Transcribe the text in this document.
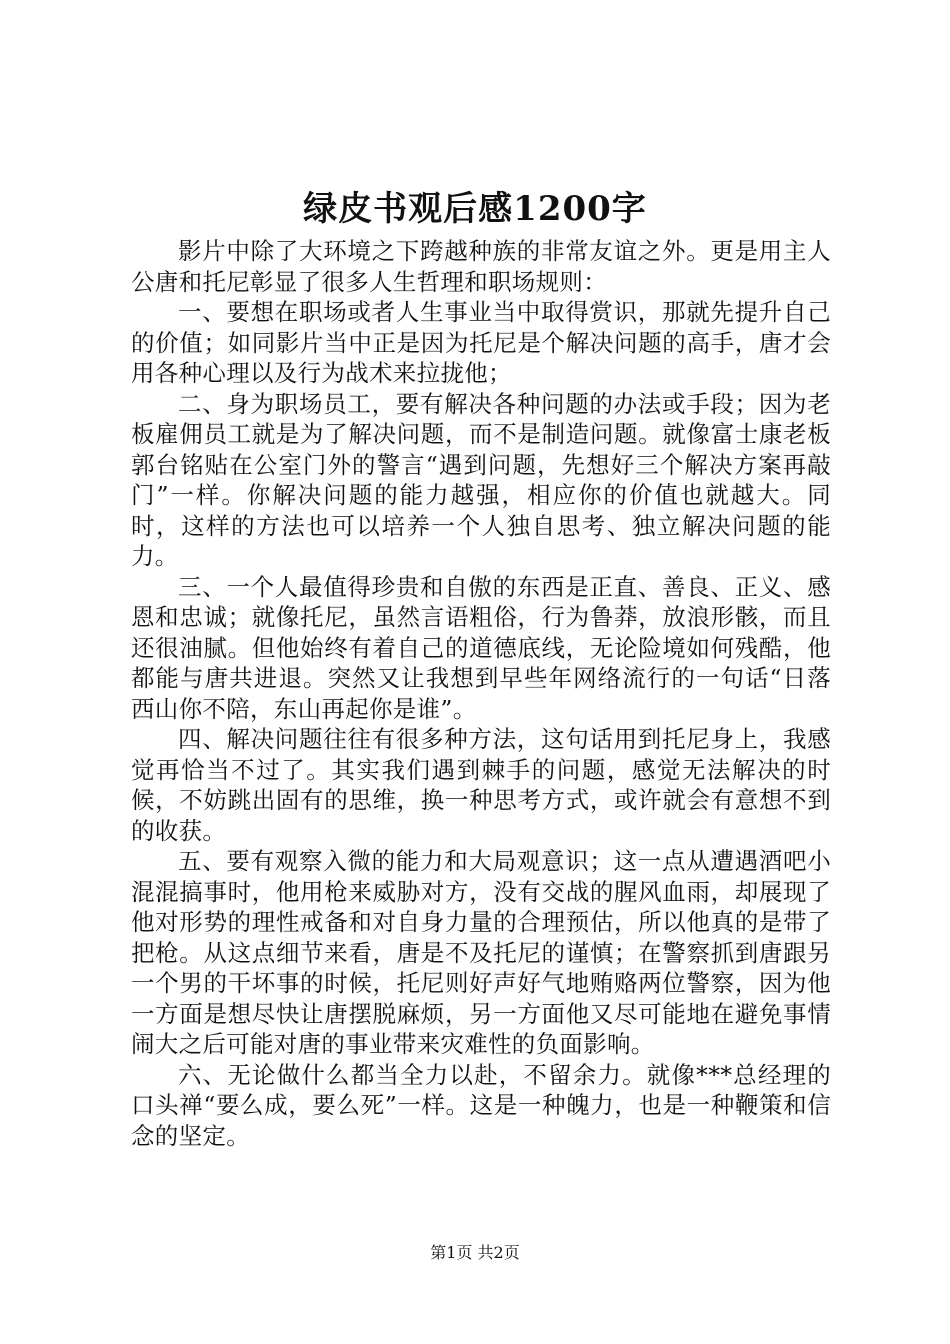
绿皮书观后感1200字

影片中除了大环境之下跨越种族的非常友谊之外。更是用主人公唐和托尼彰显了很多人生哲理和职场规则：

一、要想在职场或者人生事业当中取得赏识，那就先提升自己的价值；如同影片当中正是因为托尼是个解决问题的高手，唐才会用各种心理以及行为战术来拉拢他；

二、身为职场员工，要有解决各种问题的办法或手段；因为老板雇佣员工就是为了解决问题，而不是制造问题。就像富士康老板郭台铭贴在公室门外的警言“遇到问题，先想好三个解决方案再敲门”一样。你解决问题的能力越强，相应你的价值也就越大。同时，这样的方法也可以培养一个人独自思考、独立解决问题的能力。

三、一个人最值得珍贵和自傲的东西是正直、善良、正义、感恩和忠诚；就像托尼，虽然言语粗俗，行为鲁莽，放浪形骸，而且还很油腻。但他始终有着自己的道德底线，无论险境如何残酷，他都能与唐共进退。突然又让我想到早些年网络流行的一句话“日落西山你不陪，东山再起你是谁”。

四、解决问题往往有很多种方法，这句话用到托尼身上，我感觉再恰当不过了。其实我们遇到棘手的问题，感觉无法解决的时候，不妨跳出固有的思维，换一种思考方式，或许就会有意想不到的收获。

五、要有观察入微的能力和大局观意识；这一点从遭遇酒吧小混混搞事时，他用枪来威胁对方，没有交战的腥风血雨，却展现了他对形势的理性戒备和对自身力量的合理预估，所以他真的是带了把枪。从这点细节来看，唐是不及托尼的谨慎；在警察抓到唐跟另一个男的干坏事的时候，托尼则好声好气地贿赂两位警察，因为他一方面是想尽快让唐摆脱麻烦，另一方面他又尽可能地在避免事情闹大之后可能对唐的事业带来灾难性的负面影响。

六、无论做什么都当全力以赴，不留余力。就像***总经理的口头禅“要么成，要么死”一样。这是一种魄力，也是一种鞭策和信念的坚定。

第1页 共2页
